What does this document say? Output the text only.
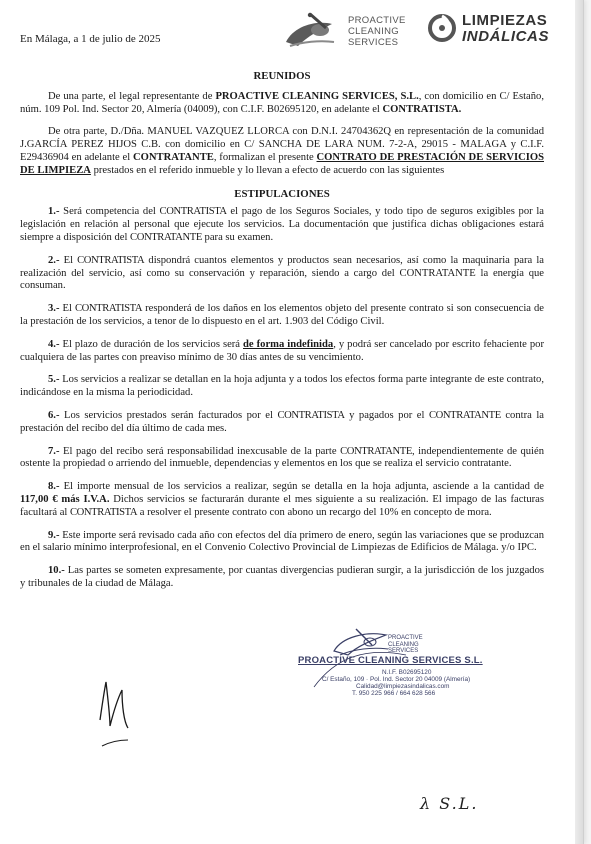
En Málaga, a 1 de julio de 2025
PROACTIVE
CLEANING
SERVICES
LIMPIEZAS
INDÁLICAS
REUNIDOS

De una parte, el legal representante de PROACTIVE CLEANING SERVICES, S.L., con domicilio en C/ Estaño, núm. 109 Pol. Ind. Sector 20, Almería (04009), con C.I.F. B02695120, en adelante el CONTRATISTA.

De otra parte, D./Dña. MANUEL VAZQUEZ LLORCA con D.N.I. 24704362Q en representación de la comunidad J.GARCÍA PEREZ HIJOS C.B. con domicilio en C/ SANCHA DE LARA NUM. 7-2-A, 29015 - MALAGA y C.I.F. E29436904 en adelante el CONTRATANTE, formalizan el presente CONTRATO DE PRESTACIÓN DE SERVICIOS DE LIMPIEZA prestados en el referido inmueble y lo llevan a efecto de acuerdo con las siguientes

ESTIPULACIONES

1.- Será competencia del CONTRATISTA el pago de los Seguros Sociales, y todo tipo de seguros exigibles por la legislación en relación al personal que ejecute los servicios. La documentación que justifica dichas obligaciones estará siempre a disposición del CONTRATANTE para su examen.

2.- El CONTRATISTA dispondrá cuantos elementos y productos sean necesarios, así como la maquinaria para la realización del servicio, así como su conservación y reparación, siendo a cargo del CONTRATANTE la energía que consuman.

3.- El CONTRATISTA responderá de los daños en los elementos objeto del presente contrato si son consecuencia de la prestación de los servicios, a tenor de lo dispuesto en el art. 1.903 del Código Civil.

4.- El plazo de duración de los servicios será de forma indefinida, y podrá ser cancelado por escrito fehaciente por cualquiera de las partes con preaviso mínimo de 30 días antes de su vencimiento.

5.- Los servicios a realizar se detallan en la hoja adjunta y a todos los efectos forma parte integrante de este contrato, indicándose en la misma la periodicidad.

6.- Los servicios prestados serán facturados por el CONTRATISTA y pagados por el CONTRATANTE contra la prestación del recibo del día último de cada mes.

7.- El pago del recibo será responsabilidad inexcusable de la parte CONTRATANTE, independientemente de quién ostente la propiedad o arriendo del inmueble, dependencias y elementos en los que se realiza el servicio contratante.

8.- El importe mensual de los servicios a realizar, según se detalla en la hoja adjunta, asciende a la cantidad de 117,00 € más I.V.A. Dichos servicios se facturarán durante el mes siguiente a su realización. El impago de las facturas facultará al CONTRATISTA a resolver el presente contrato con abono un recargo del 10% en concepto de mora.

9.- Este importe será revisado cada año con efectos del día primero de enero, según las variaciones que se produzcan en el salario mínimo interprofesional, en el Convenio Colectivo Provincial de Limpiezas de Edificios de Málaga. y/o IPC.

10.- Las partes se someten expresamente, por cuantas divergencias pudieran surgir, a la jurisdicción de los juzgados y tribunales de la ciudad de Málaga.

PROACTIVE
CLEANING
SERVICES
PROACTIVE CLEANING SERVICES S.L.
N.I.F. B02695120
C/ Estaño, 109 · Pol. Ind. Sector 20 04009 (Almería)
Calidad@limpiezasindalicas.com
T. 950 225 966 / 664 628 566
λ S.L.
